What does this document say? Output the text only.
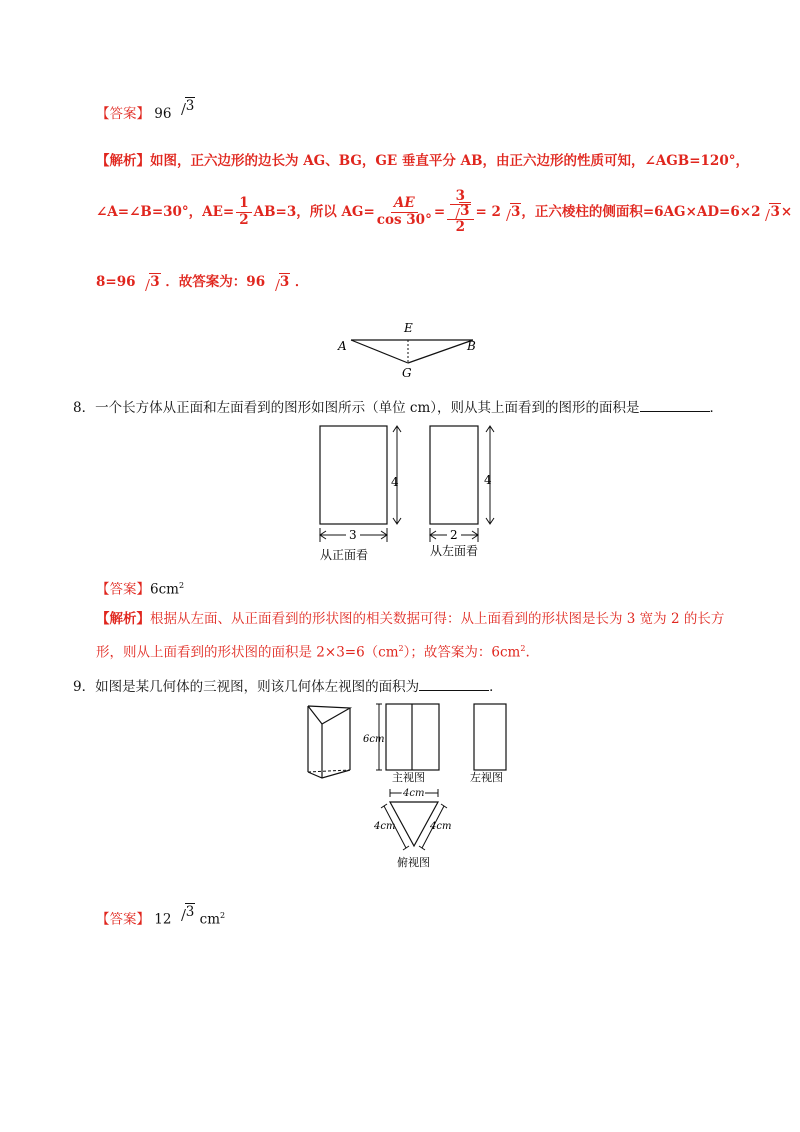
【答案】 96 3
【解析】如图，正六边形的边长为 AG、BG，GE 垂直平分 AB，由正六边形的性质可知，∠AGB=120°，
∠A=∠B=30°，$AE= \frac{1}{2} AB=3$，所以 $AG= \frac{AE}{\cos 30^\circ} = 3$
3
2 = 2 3 ，正六棱柱的侧面积=6AG×AD=6×2 3 ×
8=96 3 ．故答案为：96 3 ．
A	B
E
G
8．一个长方体从正面和左面看到的图形如图所示（单位 cm），则从其上面看到的图形的面积是	．
4
3
从正面看
4
2
从左面看
【答案】$6cm^2$
【解析】根据从左面、从正面看到的形状图的相关数据可得：从上面看到的形状图是长为 3 宽为 2 的长方
形，则从上面看到的形状图的面积是 $2\times 3=6(cm^2)$；故答案为：$6cm^2$.
9．如图是某几何体的三视图，则该几何体左视图的面积为	．
6cm
主视图	左视图
4cm
4cm	4cm
俯视图
【答案】 12 3 $cm^2$
